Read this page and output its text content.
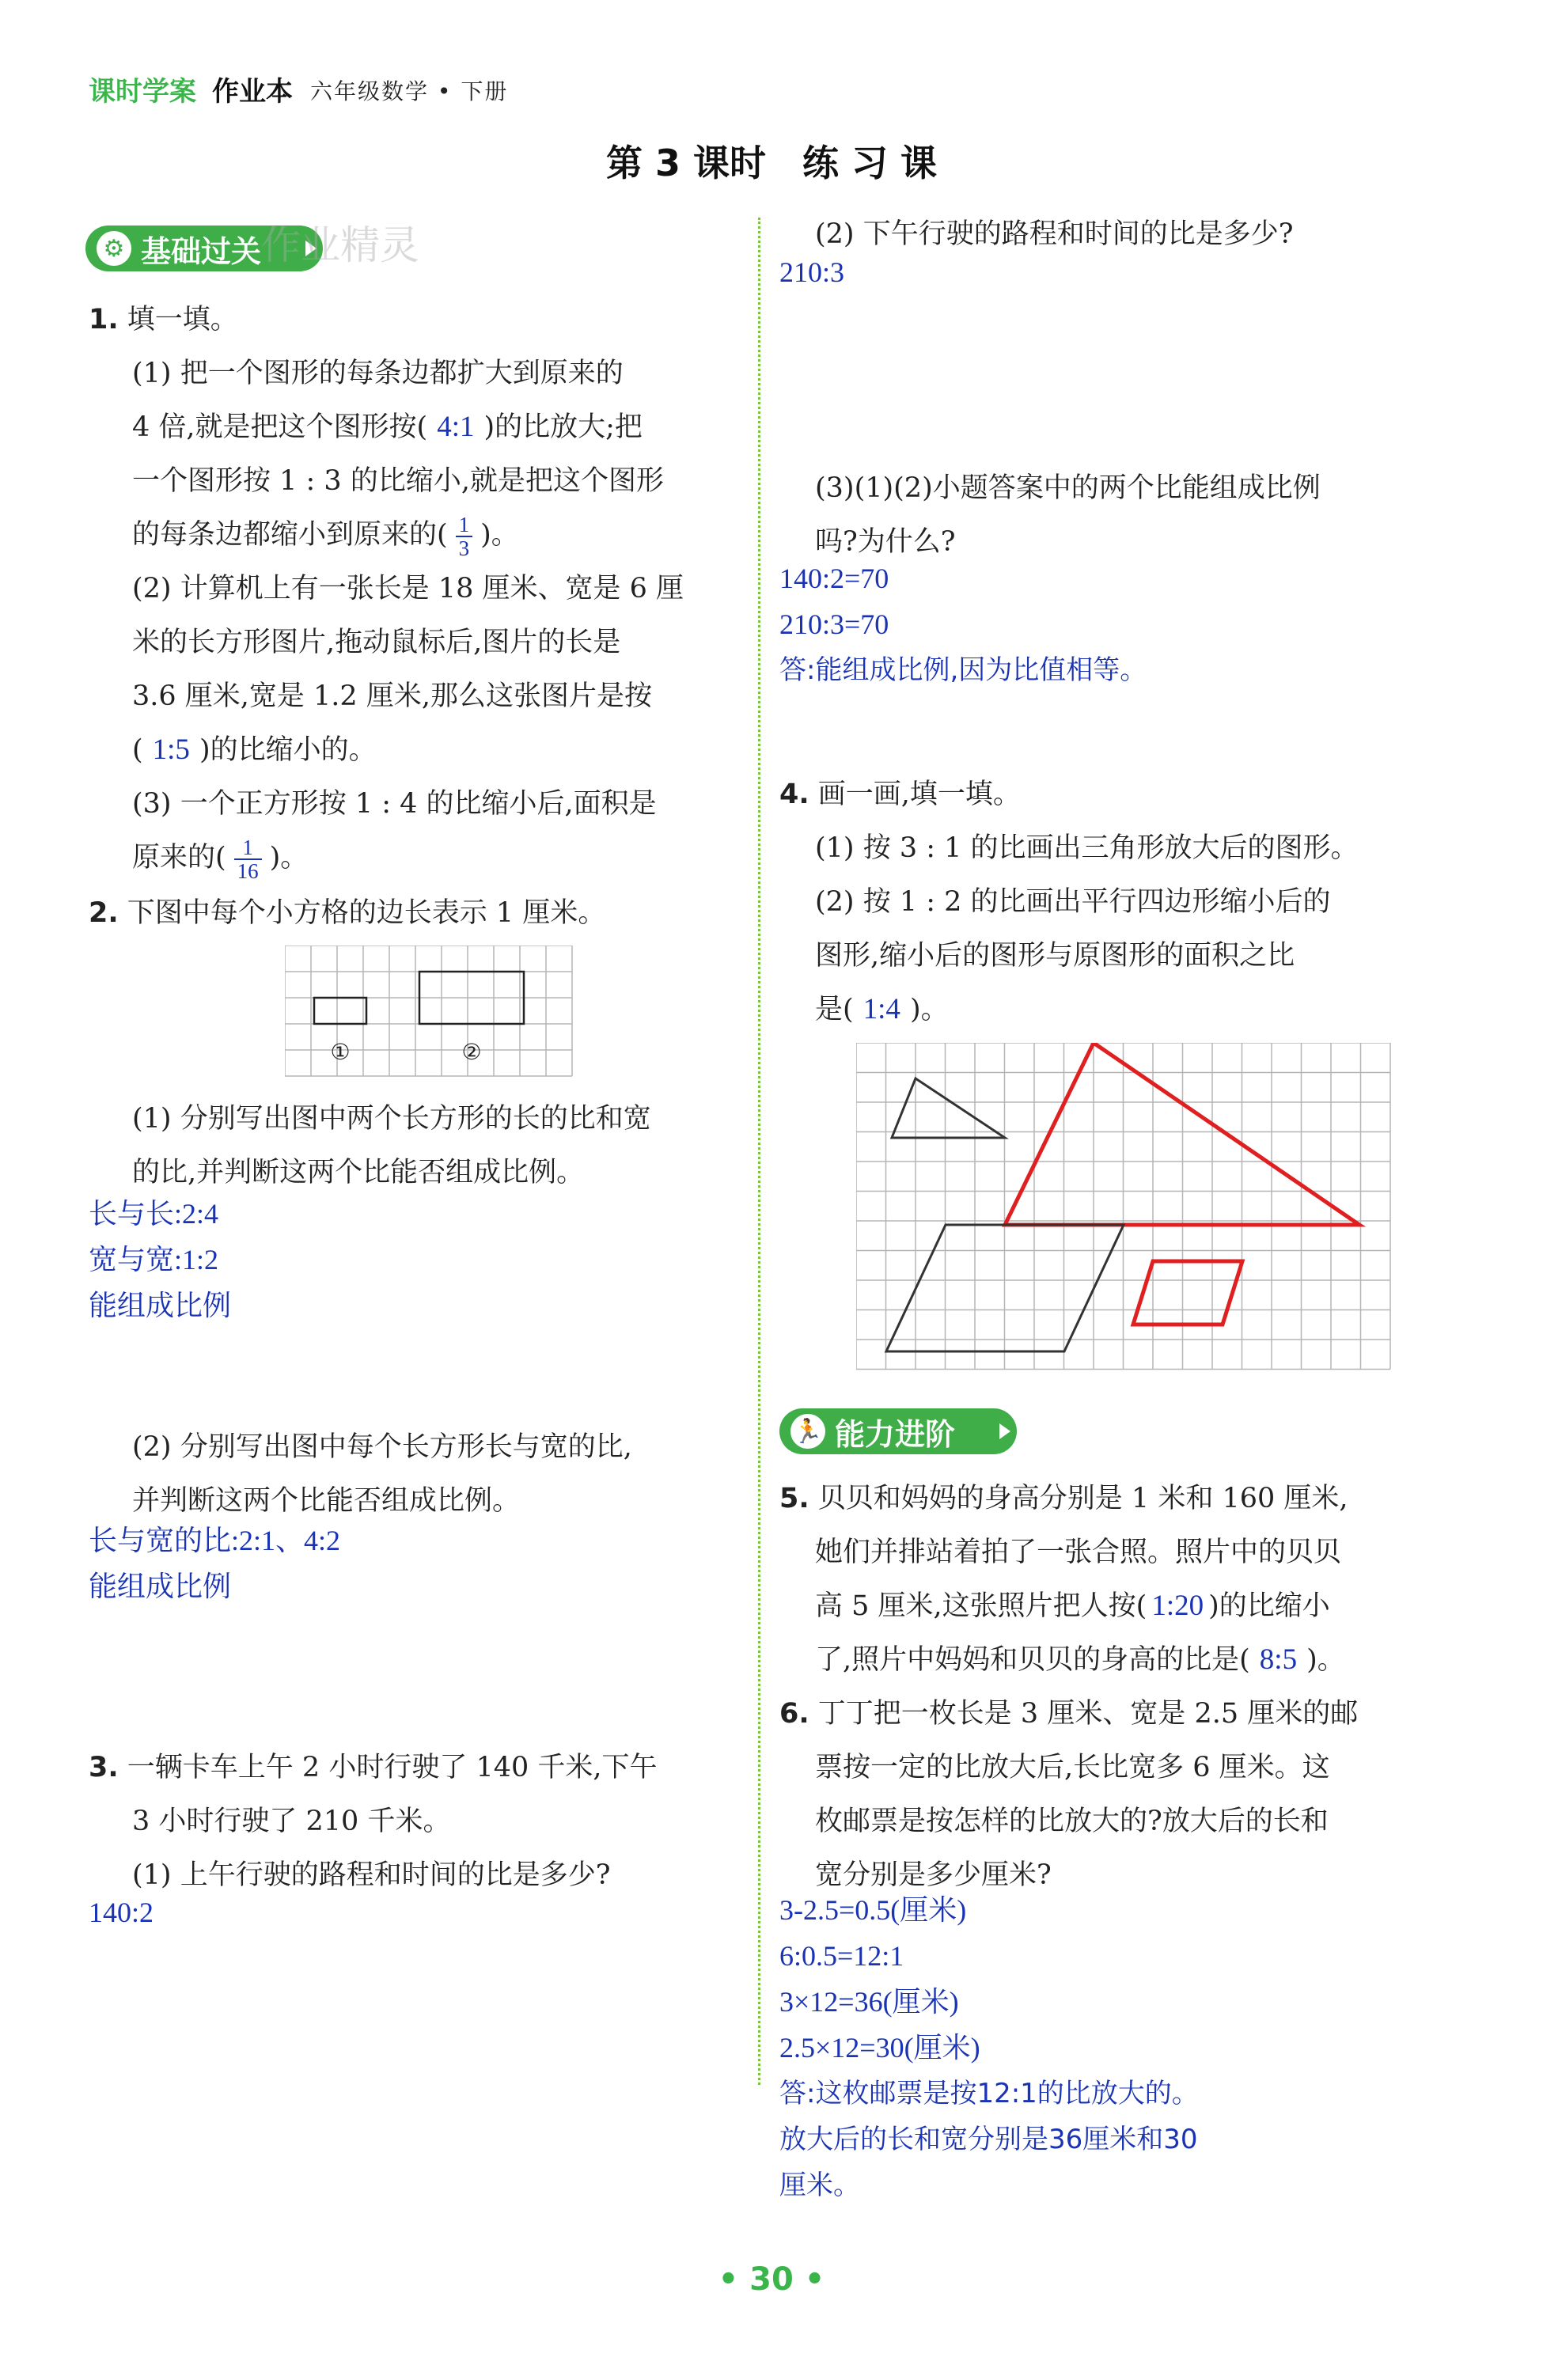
课时学案 作业本 六年级数学 • 下册
第 3 课时　练 习 课
⚙ 基础过关 作业精灵
1. 填一填。
(1) 把一个图形的每条边都扩大到原来的
4 倍,就是把这个图形按( 4:1 )的比放大;把
一个图形按 1 : 3 的比缩小,就是把这个图形
的每条边都缩小到原来的( $\frac{1}{3}$ )。
(2) 计算机上有一张长是 18 厘米、宽是 6 厘
米的长方形图片,拖动鼠标后,图片的长是
3.6 厘米,宽是 1.2 厘米,那么这张图片是按
( 1:5 )的比缩小的。
(3) 一个正方形按 1 : 4 的比缩小后,面积是
原来的( $\frac{1}{16}$ )。
2. 下图中每个小方格的边长表示 1 厘米。
①	②
(1) 分别写出图中两个长方形的长的比和宽
的比,并判断这两个比能否组成比例。
长与长:2:4
宽与宽:1:2
能组成比例
(2) 分别写出图中每个长方形长与宽的比,
并判断这两个比能否组成比例。
长与宽的比:2:1、4:2
能组成比例
3. 一辆卡车上午 2 小时行驶了 140 千米,下午
3 小时行驶了 210 千米。
(1) 上午行驶的路程和时间的比是多少?
140:2
(2) 下午行驶的路程和时间的比是多少?
210:3
(3)(1)(2)小题答案中的两个比能组成比例
吗?为什么?
140:2=70
210:3=70
答:能组成比例,因为比值相等。
4. 画一画,填一填。
(1) 按 3 : 1 的比画出三角形放大后的图形。
(2) 按 1 : 2 的比画出平行四边形缩小后的
图形,缩小后的图形与原图形的面积之比
是( 1:4 )。
🏃 能力进阶
5. 贝贝和妈妈的身高分别是 1 米和 160 厘米,
她们并排站着拍了一张合照。照片中的贝贝
高 5 厘米,这张照片把人按( 1:20 )的比缩小
了,照片中妈妈和贝贝的身高的比是( 8:5 )。
6. 丁丁把一枚长是 3 厘米、宽是 2.5 厘米的邮
票按一定的比放大后,长比宽多 6 厘米。这
枚邮票是按怎样的比放大的?放大后的长和
宽分别是多少厘米?
3-2.5=0.5(厘米)
6:0.5=12:1
3×12=36(厘米)
2.5×12=30(厘米)
答:这枚邮票是按12:1的比放大的。
放大后的长和宽分别是36厘米和30
厘米。
• 30 •
